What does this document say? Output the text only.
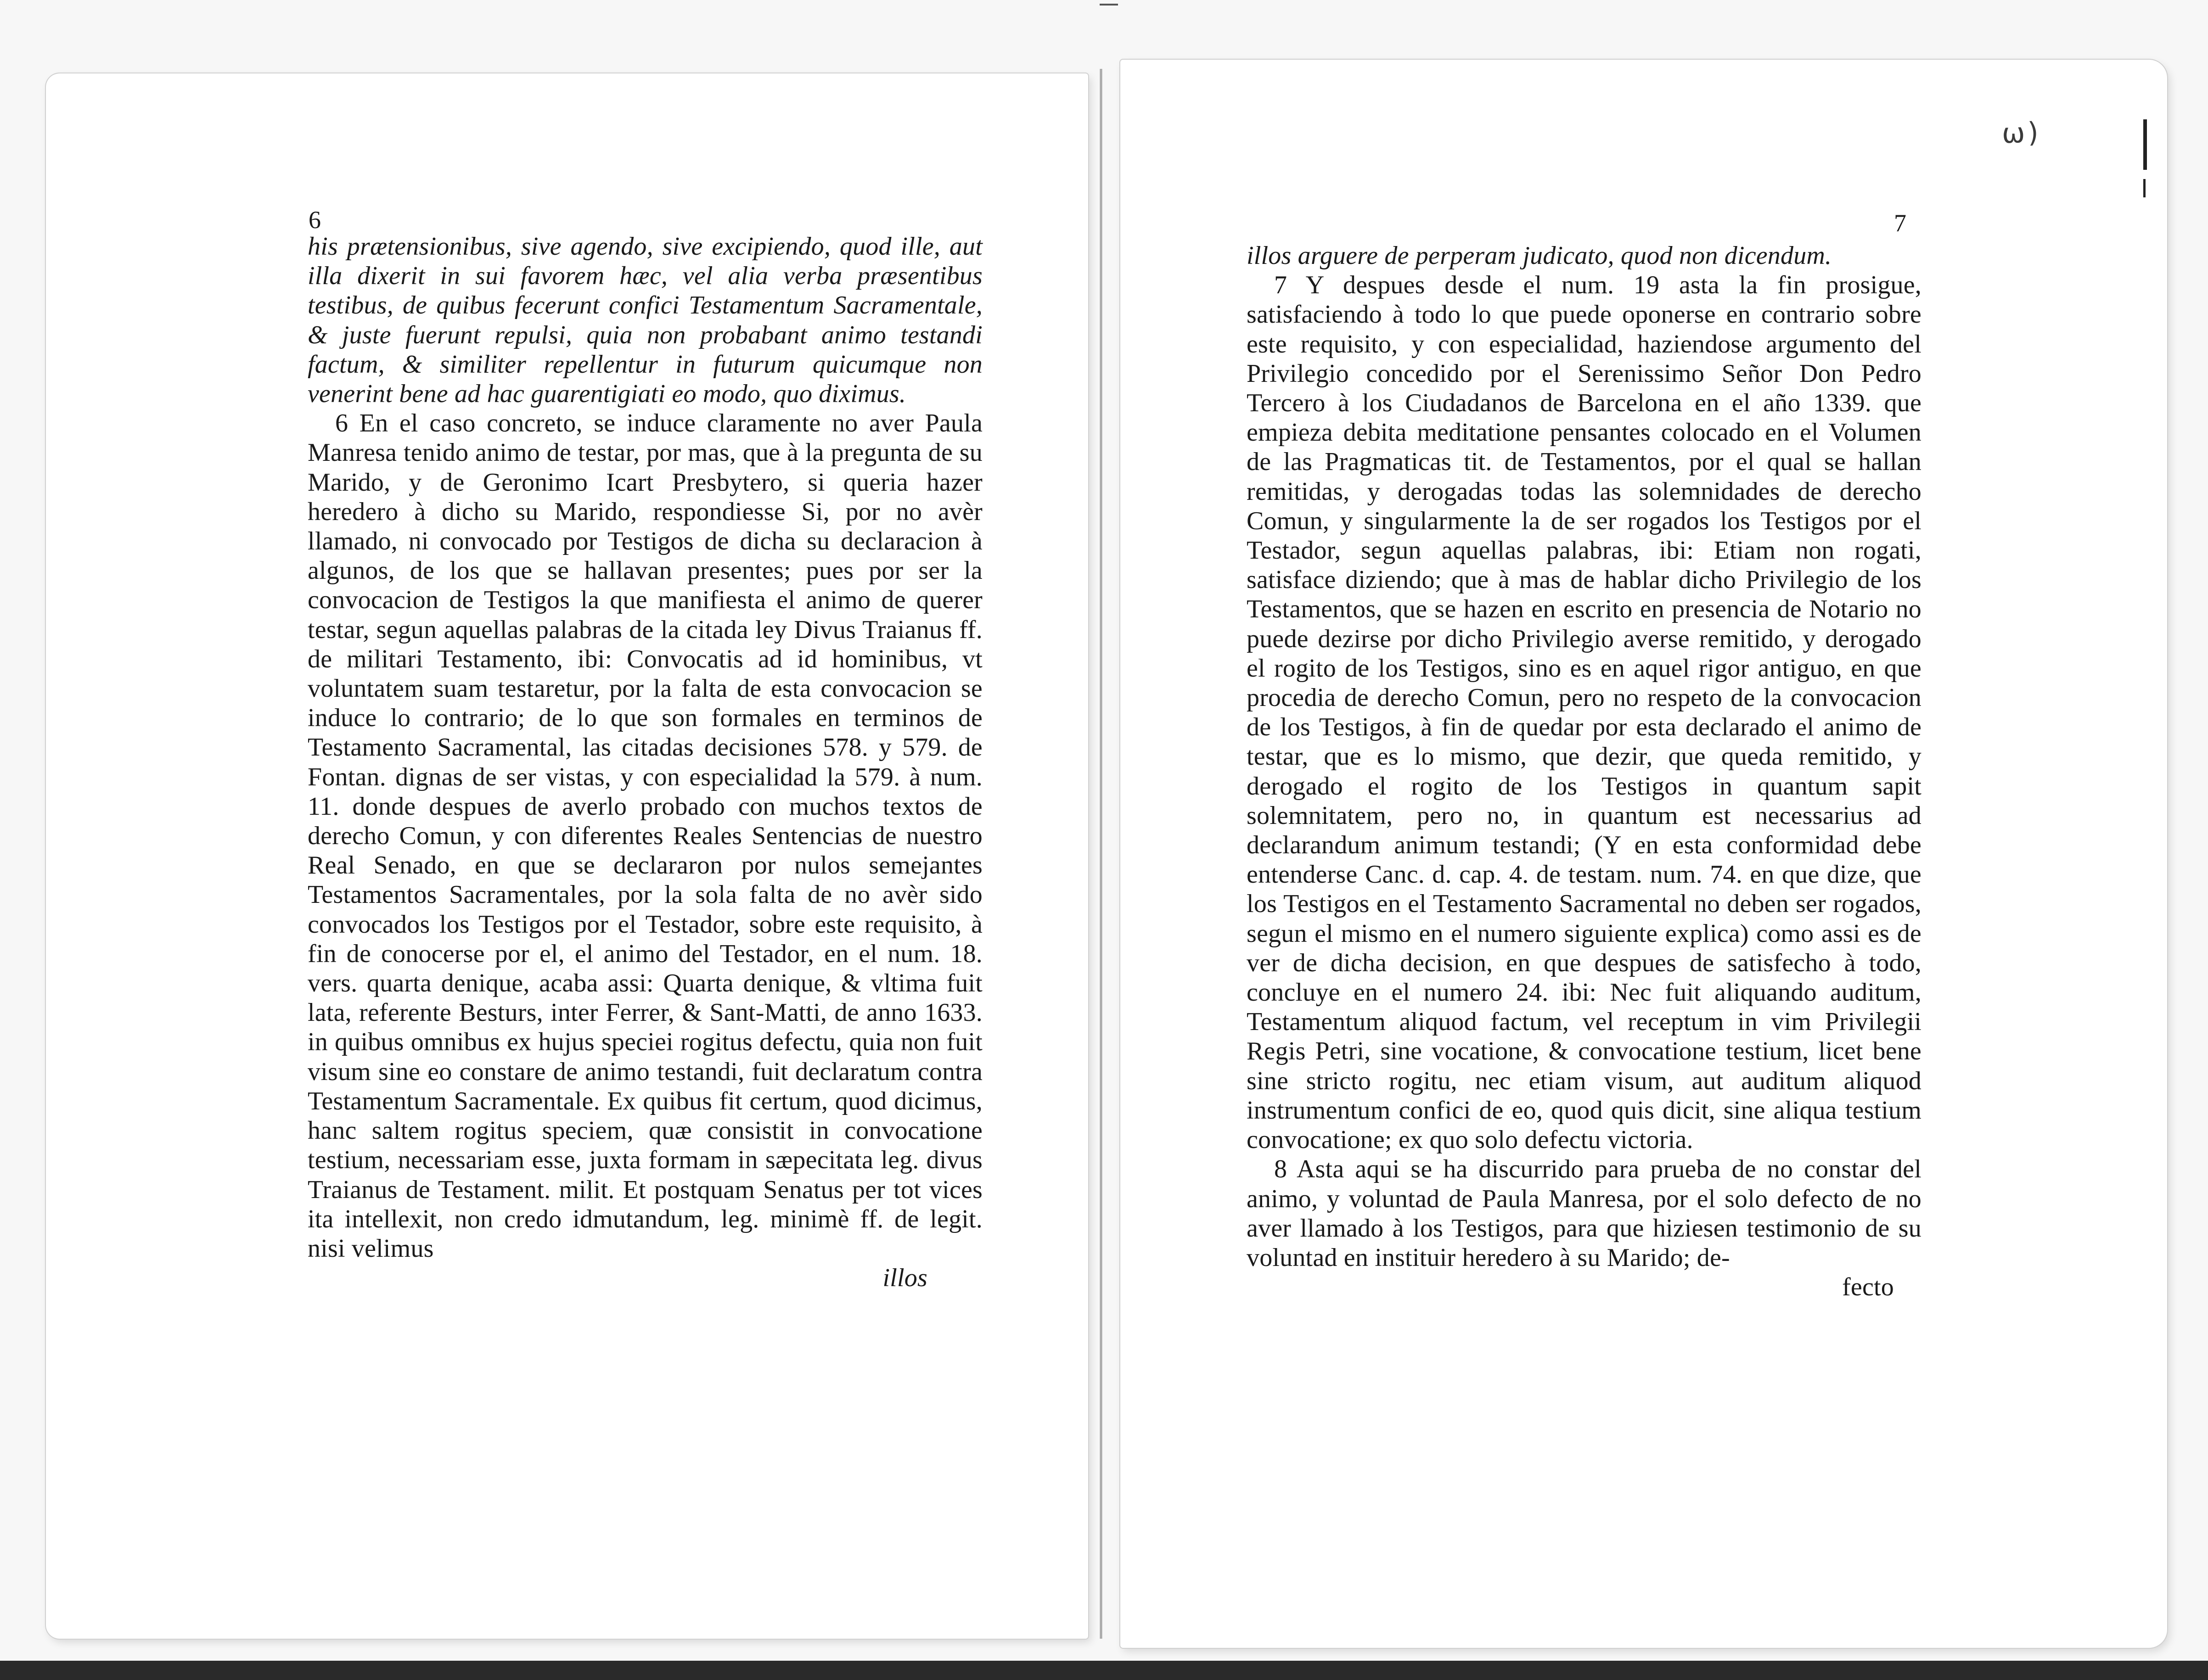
6	7
ω)

his prætensionibus, sive agendo, sive excipiendo, quod ille, aut illa dixerit in sui favorem hæc, vel alia verba præsentibus testibus, de quibus fecerunt confici Testamentum Sacramentale, & juste fuerunt repulsi, quia non probabant animo testandi factum, & similiter repellentur in futurum quicumque non venerint bene ad hac guarentigiati eo modo, quo diximus.

6 En el caso concreto, se induce claramente no aver Paula Manresa tenido animo de testar, por mas, que à la pregunta de su Marido, y de Geronimo Icart Presbytero, si queria hazer heredero à dicho su Marido, respondiesse Si, por no avèr llamado, ni convocado por Testigos de dicha su declaracion à algunos, de los que se hallavan presentes; pues por ser la convocacion de Testigos la que manifiesta el animo de querer testar, segun aquellas palabras de la citada ley Divus Traianus ff. de militari Testamento, ibi: Convocatis ad id hominibus, vt voluntatem suam testaretur, por la falta de esta convocacion se induce lo contrario; de lo que son formales en terminos de Testamento Sacramental, las citadas decisiones 578. y 579. de Fontan. dignas de ser vistas, y con especialidad la 579. à num. 11. donde despues de averlo probado con muchos textos de derecho Comun, y con diferentes Reales Sentencias de nuestro Real Senado, en que se declararon por nulos semejantes Testamentos Sacramentales, por la sola falta de no avèr sido convocados los Testigos por el Testador, sobre este requisito, à fin de conocerse por el, el animo del Testador, en el num. 18. vers. quarta denique, acaba assi: Quarta denique, & vltima fuit lata, referente Besturs, inter Ferrer, & Sant-Matti, de anno 1633. in quibus omnibus ex hujus speciei rogitus defectu, quia non fuit visum sine eo constare de animo testandi, fuit declaratum contra Testamentum Sacramentale. Ex quibus fit certum, quod dicimus, hanc saltem rogitus speciem, quæ consistit in convocatione testium, necessariam esse, juxta formam in sæpecitata leg. divus Traianus de Testament. milit. Et postquam Senatus per tot vices ita intellexit, non credo idmutandum, leg. minimè ff. de legit. nisi velimus

illos

illos arguere de perperam judicato, quod non dicendum.

7 Y despues desde el num. 19 asta la fin prosigue, satisfaciendo à todo lo que puede oponerse en contrario sobre este requisito, y con especialidad, haziendose argumento del Privilegio concedido por el Serenissimo Señor Don Pedro Tercero à los Ciudadanos de Barcelona en el año 1339. que empieza debita meditatione pensantes colocado en el Volumen de las Pragmaticas tit. de Testamentos, por el qual se hallan remitidas, y derogadas todas las solemnidades de derecho Comun, y singularmente la de ser rogados los Testigos por el Testador, segun aquellas palabras, ibi: Etiam non rogati, satisface diziendo; que à mas de hablar dicho Privilegio de los Testamentos, que se hazen en escrito en presencia de Notario no puede dezirse por dicho Privilegio averse remitido, y derogado el rogito de los Testigos, sino es en aquel rigor antiguo, en que procedia de derecho Comun, pero no respeto de la convocacion de los Testigos, à fin de quedar por esta declarado el animo de testar, que es lo mismo, que dezir, que queda remitido, y derogado el rogito de los Testigos in quantum sapit solemnitatem, pero no, in quantum est necessarius ad declarandum animum testandi; (Y en esta conformidad debe entenderse Canc. d. cap. 4. de testam. num. 74. en que dize, que los Testigos en el Testamento Sacramental no deben ser rogados, segun el mismo en el numero siguiente explica) como assi es de ver de dicha decision, en que despues de satisfecho à todo, concluye en el numero 24. ibi: Nec fuit aliquando auditum, Testamentum aliquod factum, vel receptum in vim Privilegii Regis Petri, sine vocatione, & convocatione testium, licet bene sine stricto rogitu, nec etiam visum, aut auditum aliquod instrumentum confici de eo, quod quis dicit, sine aliqua testium convocatione; ex quo solo defectu victoria.

8 Asta aqui se ha discurrido para prueba de no constar del animo, y voluntad de Paula Manresa, por el solo defecto de no aver llamado à los Testigos, para que hiziesen testimonio de su voluntad en instituir heredero à su Marido; de-

fecto
